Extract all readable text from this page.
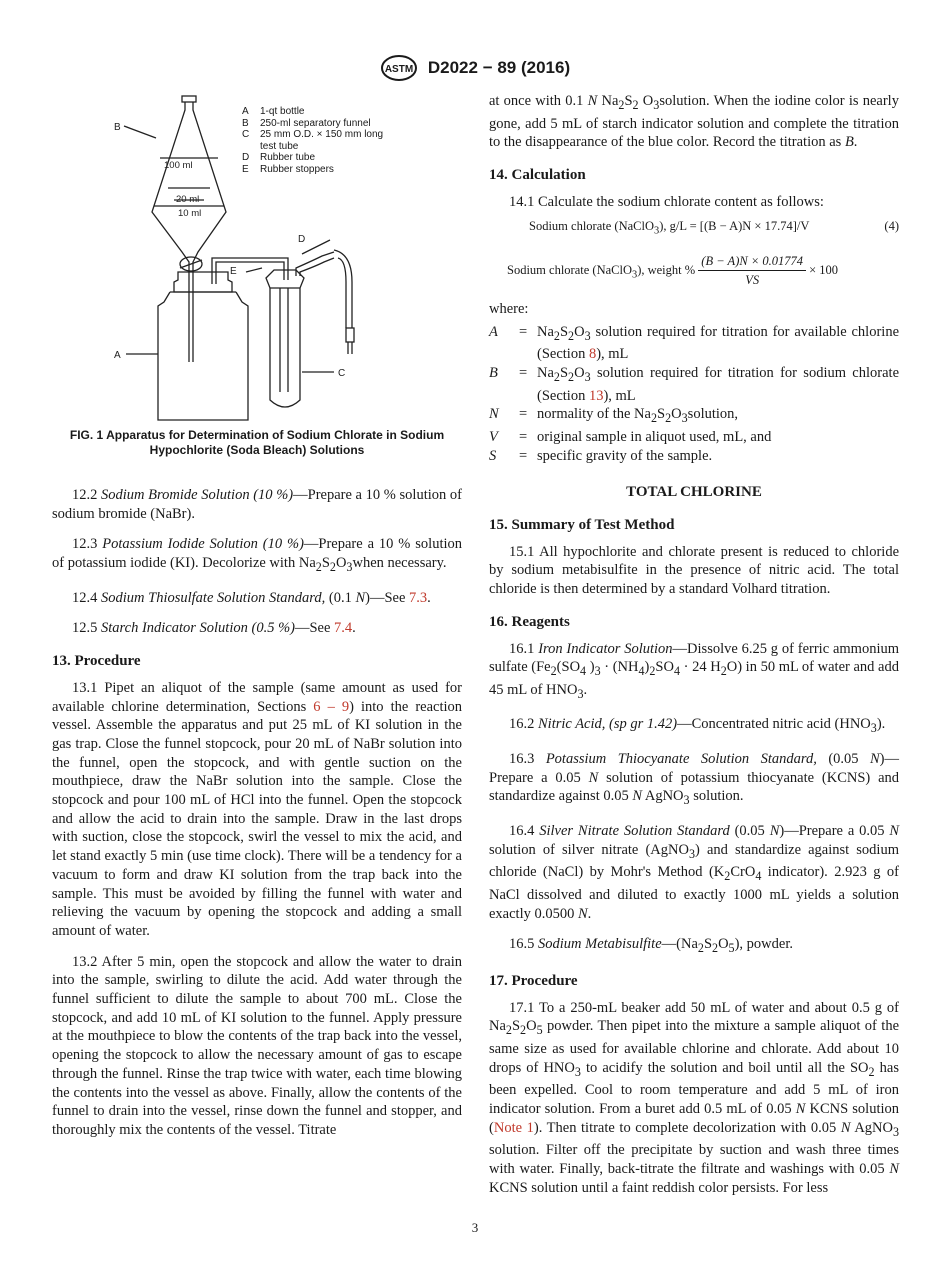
ASTM D2022 − 89 (2016)
B
A
C
D
E
100 ml
20 ml
10 ml
A	1-qt bottle
B	250-ml separatory funnel
C	25 mm O.D. × 150 mm long
test tube
D	Rubber tube
E	Rubber stoppers
FIG. 1 Apparatus for Determination of Sodium Chlorate in Sodium Hypochlorite (Soda Bleach) Solutions

12.2 Sodium Bromide Solution (10 %)—Prepare a 10 % solution of sodium bromide (NaBr).

12.3 Potassium Iodide Solution (10 %)—Prepare a 10 % solution of potassium iodide (KI). Decolorize with $Na_2S_2O_3when$ necessary.

12.4 Sodium Thiosulfate Solution Standard, (0.1 N)—See 7.3.

12.5 Starch Indicator Solution (0.5 %)—See 7.4.

13. Procedure

13.1 Pipet an aliquot of the sample (same amount as used for available chlorine determination, Sections 6 – 9) into the reaction vessel. Assemble the apparatus and put 25 mL of KI solution in the gas trap. Close the funnel stopcock, pour 20 mL of NaBr solution into the funnel, open the stopcock, and with gentle suction on the mouthpiece, draw the NaBr solution into the sample. Close the stopcock and pour 100 mL of HCl into the funnel. Open the stopcock and allow the acid to drain into the sample. Draw in the last drops with suction, close the stopcock, swirl the vessel to mix the acid, and let stand exactly 5 min (use time clock). There will be a tendency for a vacuum to form and draw KI solution from the trap back into the sample. This must be avoided by filling the funnel with water and relieving the vacuum by opening the stopcock and adding a small amount of water.

13.2 After 5 min, open the stopcock and allow the water to drain into the sample, swirling to dilute the acid. Add water through the funnel sufficient to dilute the sample to about 700 mL. Close the stopcock, and add 10 mL of KI solution to the funnel. Apply pressure at the mouthpiece to blow the contents of the trap back into the vessel, opening the stopcock to allow the necessary amount of gas to escape through the funnel. Rinse the trap twice with water, each time blowing the contents into the vessel as above. Finally, allow the contents of the funnel to drain into the vessel, rinse down the funnel and stopper, and thoroughly mix the contents of the vessel. Titrate

at once with 0.1 N $Na_2S_2$ $O_3solution$. When the iodine color is nearly gone, add 5 mL of starch indicator solution and complete the titration to the disappearance of the blue color. Record the titration as B.

14. Calculation

14.1 Calculate the sodium chlorate content as follows:

Sodium chlorate (NaClO$_3$), g/L = [(B − A)N × 17.74]/V	(4)
Sodium chlorate (NaClO$_3$), weight % $\frac{(B - A)N \times 0.01774}{VS} \times 100$

where:

A	= $Na_2S_2O_3$ solution required for titration for available chlorine (Section 8), mL
B	= $Na_2S_2O_3$ solution required for titration for sodium chlorate (Section 13), mL
N	= normality of the $Na_2S_2O_3solution$,
V	= original sample in aliquot used, mL, and
S	= specific gravity of the sample.
TOTAL CHLORINE
15. Summary of Test Method

15.1 All hypochlorite and chlorate present is reduced to chloride by sodium metabisulfite in the presence of nitric acid. The total chloride is then determined by a standard Volhard titration.

16. Reagents

16.1 Iron Indicator Solution—Dissolve 6.25 g of ferric ammonium sulfate ($Fe_2(SO_4$ )$_3 \cdot (NH_4)_2SO_4 \cdot 24$ $H_2O$) in 50 mL of water and add 45 mL of $HNO_3$.

16.2 Nitric Acid, (sp gr 1.42)—Concentrated nitric acid $(HNO_3)$.

16.3 Potassium Thiocyanate Solution Standard, (0.05 N)— Prepare a 0.05 N solution of potassium thiocyanate (KCNS) and standardize against 0.05 N AgNO$_3$ solution.

16.4 Silver Nitrate Solution Standard (0.05 N)—Prepare a 0.05 N solution of silver nitrate (AgNO$_3$) and standardize against sodium chloride (NaCl) by Mohr's Method ($K_2CrO_4$ indicator). 2.923 g of NaCl dissolved and diluted to exactly 1000 mL yields a solution exactly 0.0500 N.

16.5 Sodium $Metabisulfite—(Na_2S_2O_5)$, powder.

17. Procedure

17.1 To a 250-mL beaker add 50 mL of water and about 0.5 g of $Na_2S_2O_5$ powder. Then pipet into the mixture a sample aliquot of the same size as used for available chlorine and chlorate. Add about 10 drops of $HNO_3$ to acidify the solution and boil until all the $SO_2$ has been expelled. Cool to room temperature and add 5 mL of iron indicator solution. From a buret add 0.5 mL of 0.05 N KCNS solution (Note 1). Then titrate to complete decolorization with 0.05 N AgNO$_3$ solution. Filter off the precipitate by suction and wash three times with water. Finally, back-titrate the filtrate and washings with 0.05 N KCNS solution until a faint reddish color persists. For less

3
